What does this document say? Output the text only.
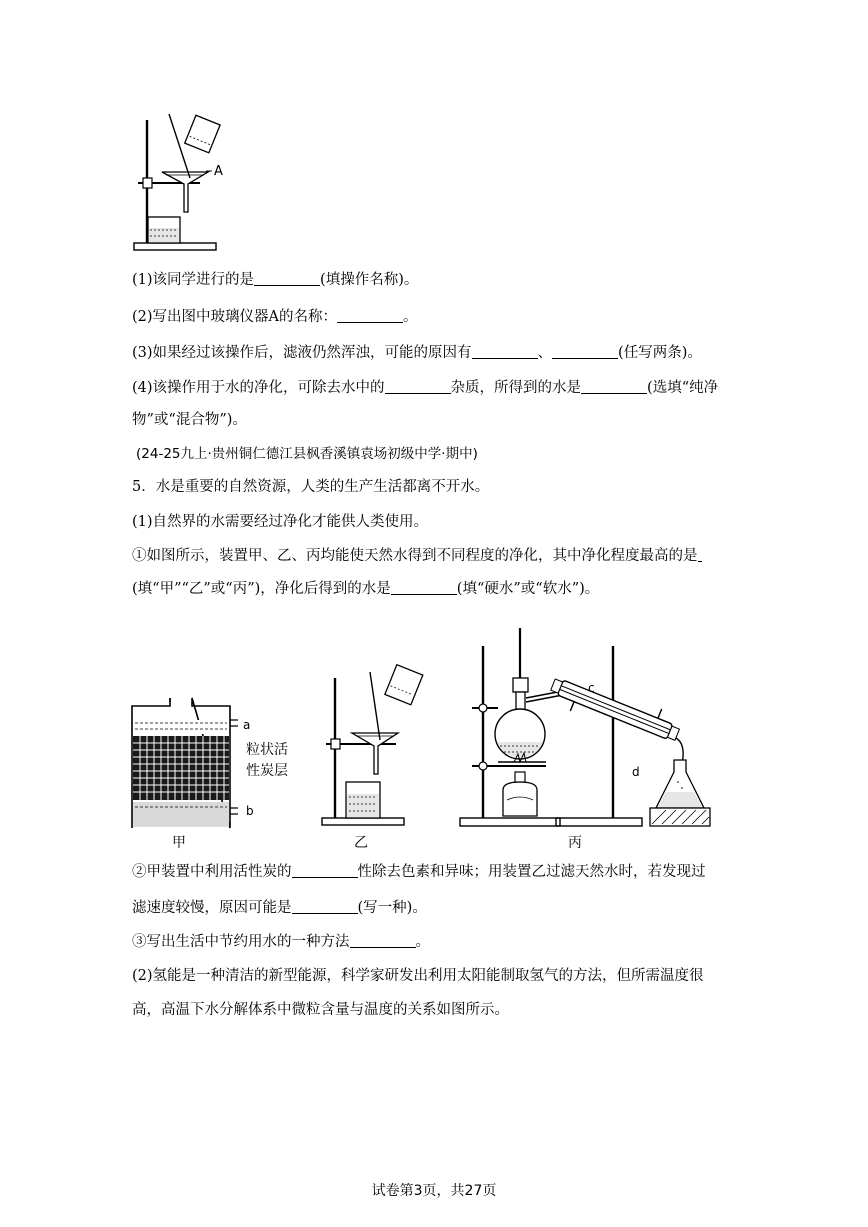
A
(1)该同学进行的是	(填操作名称)。
(2)写出图中玻璃仪器A的名称：	。
(3)如果经过该操作后，滤液仍然浑浊，可能的原因有	、	(任写两条)。
(4)该操作用于水的净化，可除去水中的	杂质，所得到的水是	(选填“纯净
物”或“混合物”)。
(24-25九上·贵州铜仁德江县枫香溪镇袁场初级中学·期中)
5．水是重要的自然资源，人类的生产生活都离不开水。
(1)自然界的水需要经过净化才能供人类使用。
①如图所示，装置甲、乙、丙均能使天然水得到不同程度的净化，其中净化程度最高的是
(填“甲”“乙”或“丙”)，净化后得到的水是	(填“硬水”或“软水”)。
a
b
粒状活
性炭层
甲	乙
c
d
丙
②甲装置中利用活性炭的	性除去色素和异味；用装置乙过滤天然水时，若发现过
滤速度较慢，原因可能是	(写一种)。
③写出生活中节约用水的一种方法	。
(2)氢能是一种清洁的新型能源，科学家研发出利用太阳能制取氢气的方法，但所需温度很
高，高温下水分解体系中微粒含量与温度的关系如图所示。
试卷第3页，共27页
